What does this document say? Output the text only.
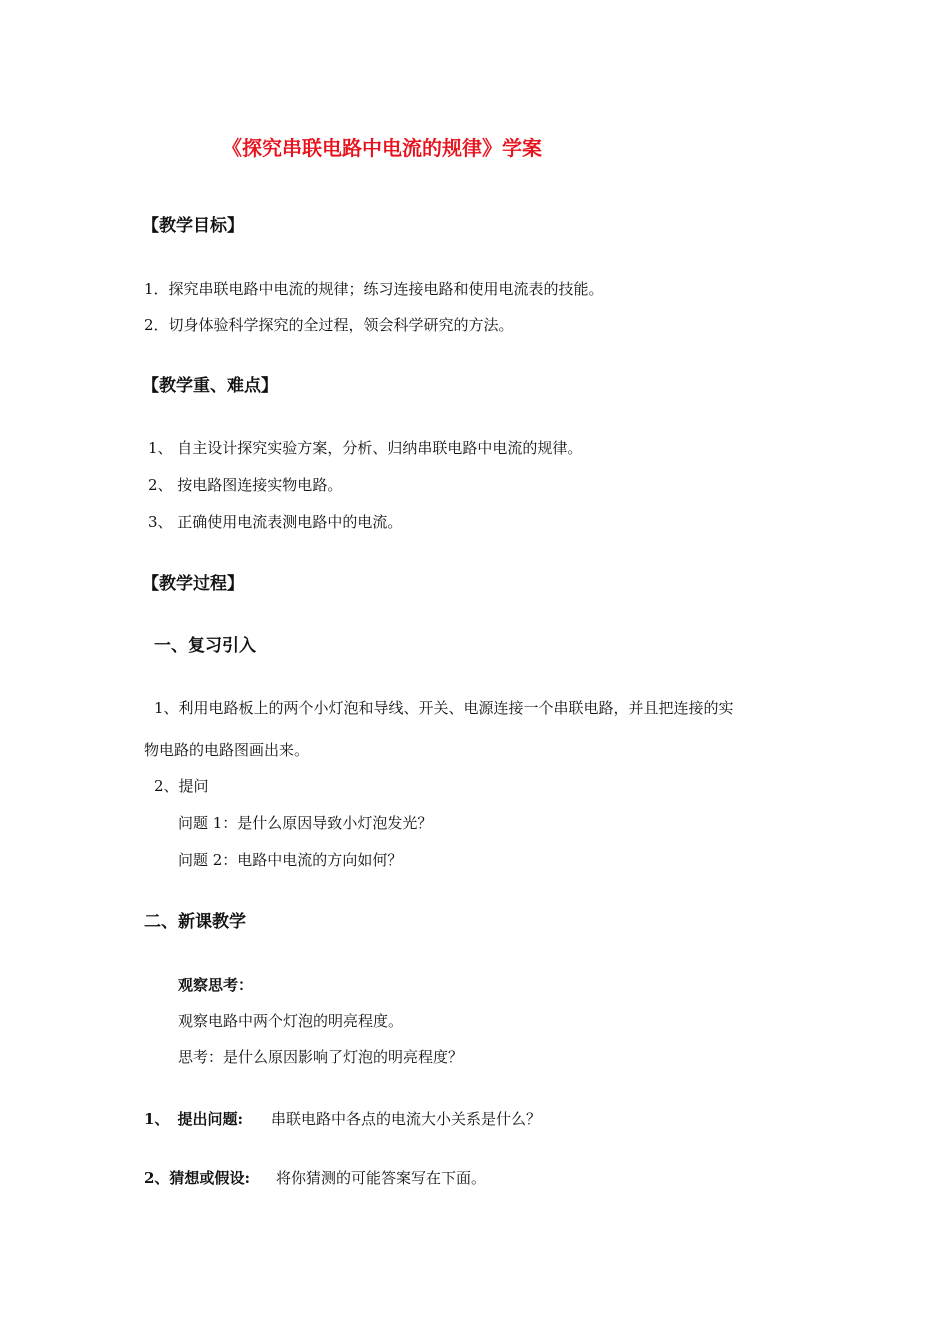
《探究串联电路中电流的规律》学案
【教学目标】
1．探究串联电路中电流的规律；练习连接电路和使用电流表的技能。
2．切身体验科学探究的全过程，领会科学研究的方法。
【教学重、难点】
1、 自主设计探究实验方案，分析、归纳串联电路中电流的规律。
2、 按电路图连接实物电路。
3、 正确使用电流表测电路中的电流。
【教学过程】
一、复习引入
1、利用电路板上的两个小灯泡和导线、开关、电源连接一个串联电路，并且把连接的实
物电路的电路图画出来。
2、提问
问题 1：是什么原因导致小灯泡发光？
问题 2：电路中电流的方向如何？
二、新课教学
观察思考：
观察电路中两个灯泡的明亮程度。
思考：是什么原因影响了灯泡的明亮程度？
1、 提出问题: 串联电路中各点的电流大小关系是什么？
2、猜想或假设: 将你猜测的可能答案写在下面。
